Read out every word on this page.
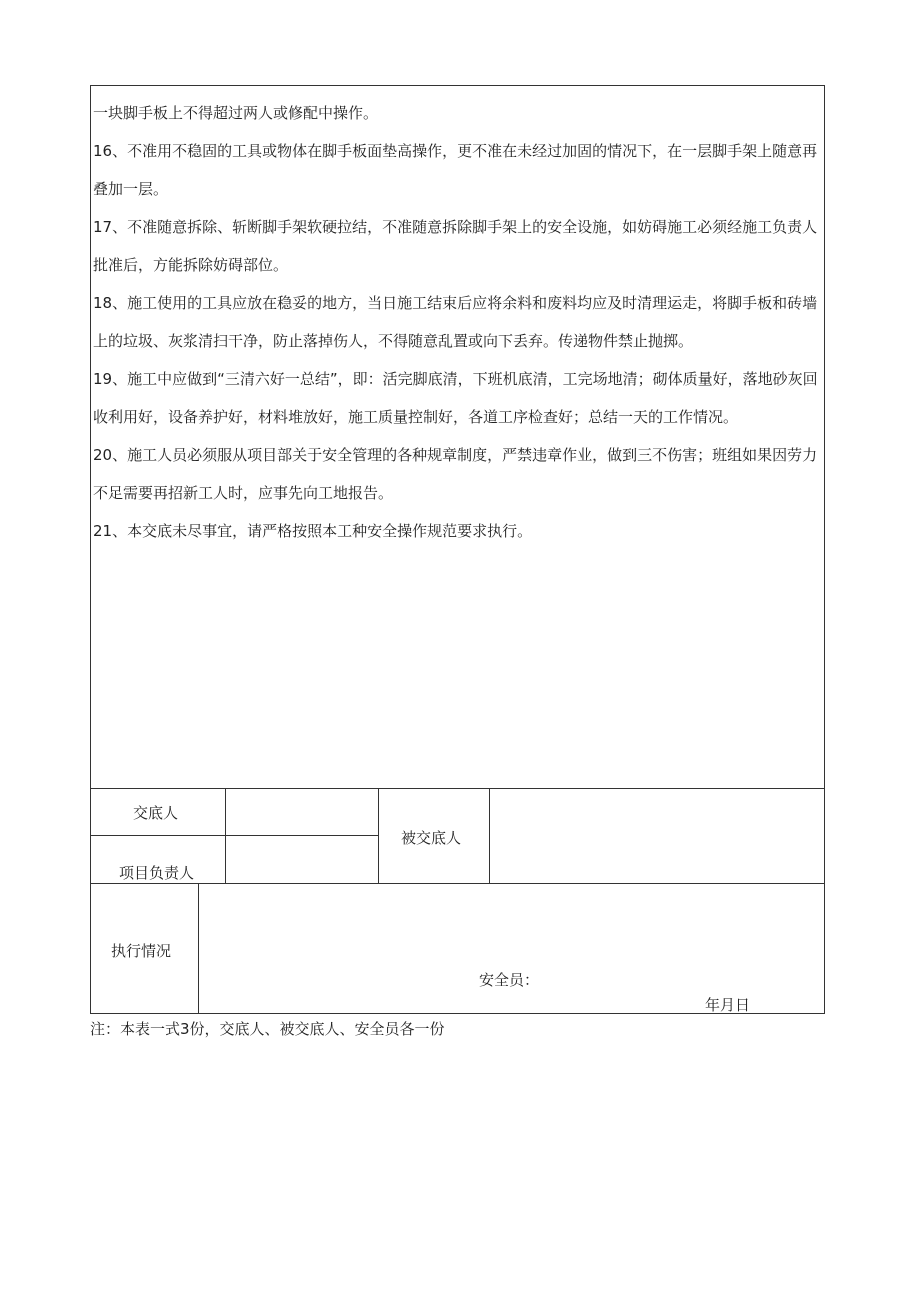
一块脚手板上不得超过两人或修配中操作。

16、不准用不稳固的工具或物体在脚手板面垫高操作，更不准在未经过加固的情况下，在一层脚手架上随意再叠加一层。

17、不准随意拆除、斩断脚手架软硬拉结，不准随意拆除脚手架上的安全设施，如妨碍施工必须经施工负责人批准后，方能拆除妨碍部位。

18、施工使用的工具应放在稳妥的地方，当日施工结束后应将余料和废料均应及时清理运走，将脚手板和砖墙上的垃圾、灰浆清扫干净，防止落掉伤人，不得随意乱置或向下丢弃。传递物件禁止抛掷。

19、施工中应做到“三清六好一总结”，即：活完脚底清，下班机底清，工完场地清；砌体质量好，落地砂灰回收利用好，设备养护好，材料堆放好，施工质量控制好，各道工序检查好；总结一天的工作情况。

20、施工人员必须服从项目部关于安全管理的各种规章制度，严禁违章作业，做到三不伤害；班组如果因劳力不足需要再招新工人时，应事先向工地报告。

21、本交底未尽事宜，请严格按照本工种安全操作规范要求执行。

交底人
项目负责人
被交底人
执行情况
安全员：
年月日
注：本表一式3份，交底人、被交底人、安全员各一份
